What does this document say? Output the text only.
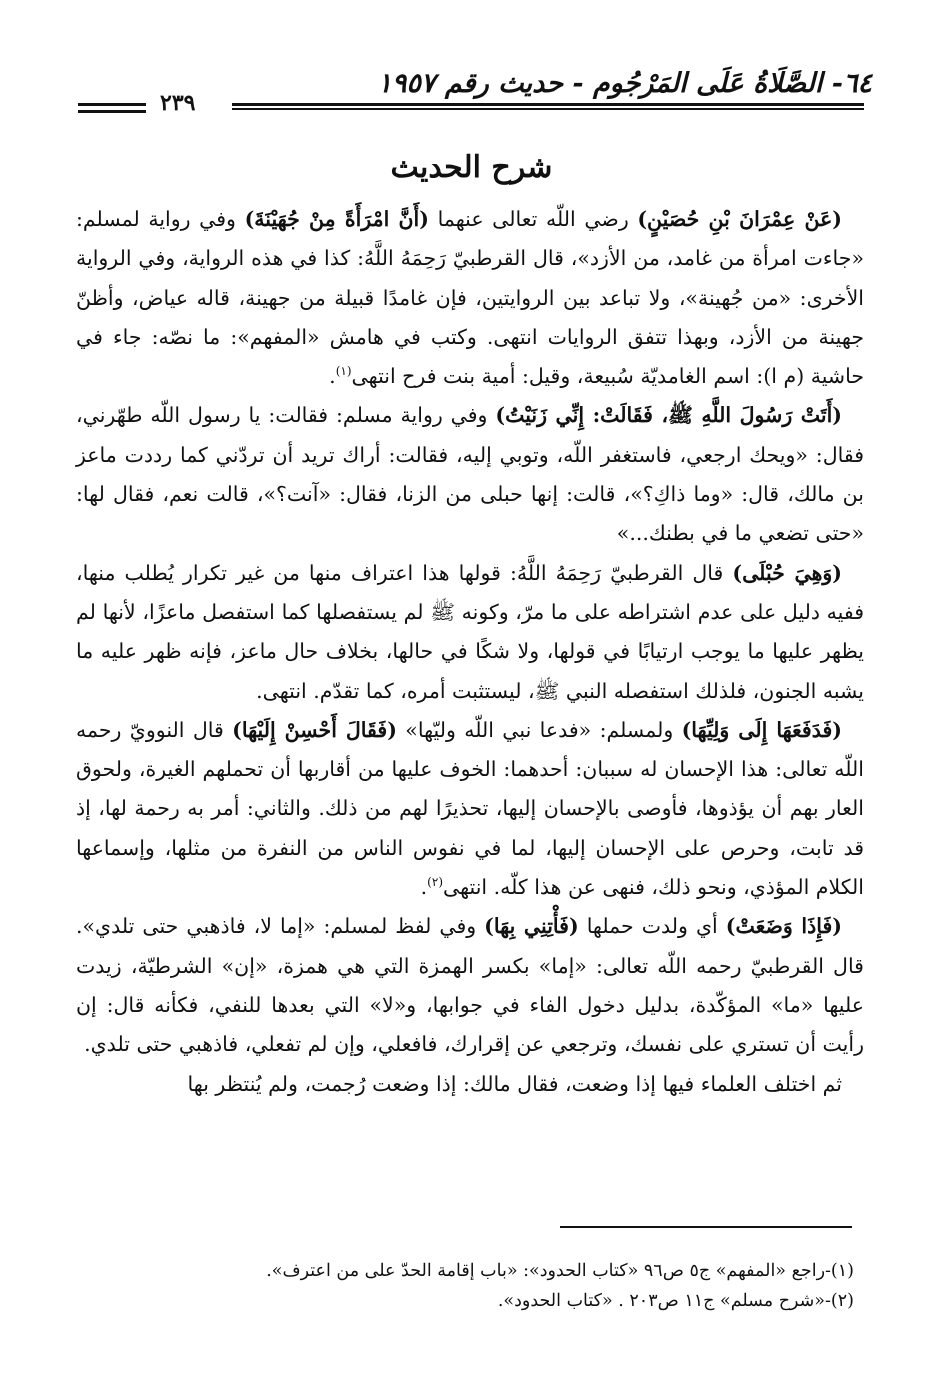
٦٤- الصَّلَاةُ عَلَى المَرْجُوم - حديث رقم ١٩٥٧
٢٣٩
شرح الحديث

(عَنْ عِمْرَانَ بْنِ حُصَيْنٍ) رضي اللّه تعالى عنهما (أَنَّ امْرَأَةً مِنْ جُهَيْنَةَ) وفي رواية لمسلم: «جاءت امرأة من غامد، من الأزد»، قال القرطبيّ رَحِمَهُ اللَّهُ: كذا في هذه الرواية، وفي الرواية الأخرى: «من جُهينة»، ولا تباعد بين الروايتين، فإن غامدًا قبيلة من جهينة، قاله عياض، وأظنّ جهينة من الأزد، وبهذا تتفق الروايات انتهى. وكتب في هامش «المفهم»: ما نصّه: جاء في حاشية (م ا): اسم الغامديّة سُبيعة، وقيل: أمية بنت فرح انتهى$^{(١)}$.

(أَتَتْ رَسُولَ اللَّهِ ﷺ، فَقَالَتْ: إِنِّي زَنَيْتُ) وفي رواية مسلم: فقالت: يا رسول اللّه طهّرني، فقال: «ويحك ارجعي، فاستغفر اللّه، وتوبي إليه، فقالت: أراك تريد أن تردّني كما رددت ماعز بن مالك، قال: «وما ذاكِ؟»، قالت: إنها حبلى من الزنا، فقال: «آنت؟»، قالت نعم، فقال لها: «حتى تضعي ما في بطنك...»

(وَهِيَ حُبْلَى) قال القرطبيّ رَحِمَهُ اللَّهُ: قولها هذا اعتراف منها من غير تكرار يُطلب منها، ففيه دليل على عدم اشتراطه على ما مرّ، وكونه ﷺ لم يستفصلها كما استفصل ماعزًا، لأنها لم يظهر عليها ما يوجب ارتيابًا في قولها، ولا شكًا في حالها، بخلاف حال ماعز، فإنه ظهر عليه ما يشبه الجنون، فلذلك استفصله النبي ﷺ، ليستثبت أمره، كما تقدّم. انتهى.

(فَدَفَعَهَا إِلَى وَلِيِّهَا) ولمسلم: «فدعا نبي اللّه وليّها» (فَقَالَ أَحْسِنْ إِلَيْهَا) قال النوويّ رحمه اللّه تعالى: هذا الإحسان له سببان: أحدهما: الخوف عليها من أقاربها أن تحملهم الغيرة، ولحوق العار بهم أن يؤذوها، فأوصى بالإحسان إليها، تحذيرًا لهم من ذلك. والثاني: أمر به رحمة لها، إذ قد تابت، وحرص على الإحسان إليها، لما في نفوس الناس من النفرة من مثلها، وإسماعها الكلام المؤذي، ونحو ذلك، فنهى عن هذا كلّه. انتهى$^{(٢)}$.

(فَإِذَا وَضَعَتْ) أي ولدت حملها (فَأْتِنِي بِهَا) وفي لفظ لمسلم: «إما لا، فاذهبي حتى تلدي». قال القرطبيّ رحمه اللّه تعالى: «إما» بكسر الهمزة التي هي همزة، «إن» الشرطيّة، زيدت عليها «ما» المؤكّدة، بدليل دخول الفاء في جوابها، و«لا» التي بعدها للنفي، فكأنه قال: إن رأيت أن تستري على نفسك، وترجعي عن إقرارك، فافعلي، وإن لم تفعلي، فاذهبي حتى تلدي.

ثم اختلف العلماء فيها إذا وضعت، فقال مالك: إذا وضعت رُجمت، ولم يُنتظر بها

(١)-راجع «المفهم» ج٥ ص٩٦ «كتاب الحدود»: «باب إقامة الحدّ على من اعترف».
(٢)-«شرح مسلم» ج١١ ص٢٠٣ . «كتاب الحدود».
